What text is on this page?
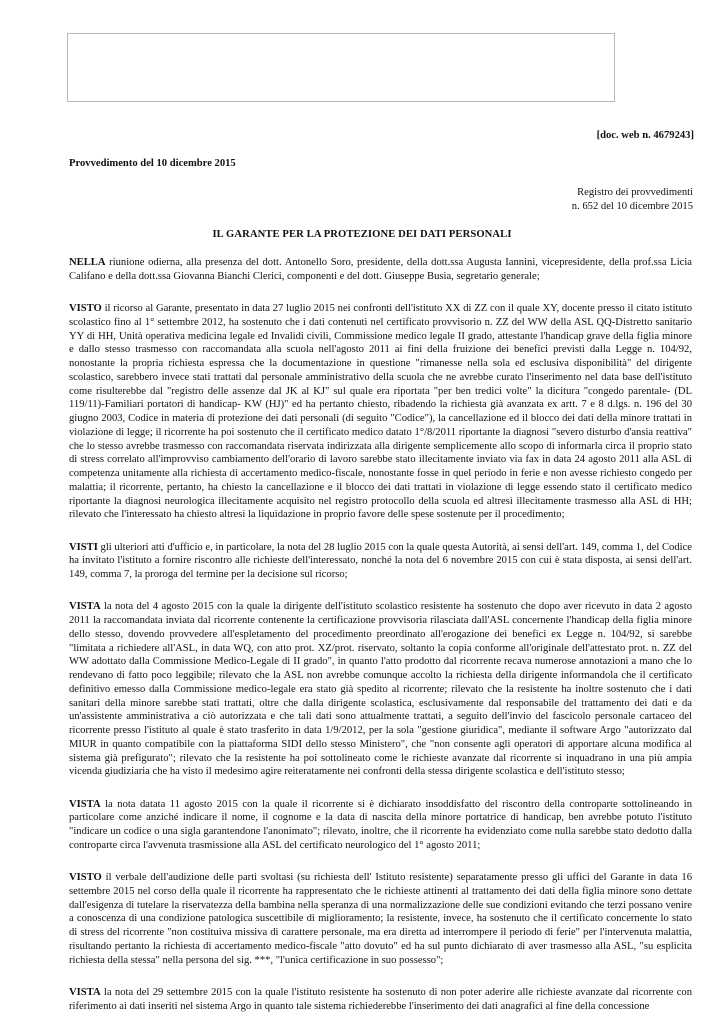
[doc. web n. 4679243]
Provvedimento del 10 dicembre 2015
Registro dei provvedimenti
n. 652 del 10 dicembre 2015
IL GARANTE PER LA PROTEZIONE DEI DATI PERSONALI

NELLA riunione odierna, alla presenza del dott. Antonello Soro, presidente, della dott.ssa Augusta Iannini, vicepresidente, della prof.ssa Licia Califano e della dott.ssa Giovanna Bianchi Clerici, componenti e del dott. Giuseppe Busia, segretario generale;

VISTO il ricorso al Garante, presentato in data 27 luglio 2015 nei confronti dell'istituto XX di ZZ con il quale XY, docente presso il citato istituto scolastico fino al 1° settembre 2012, ha sostenuto che i dati contenuti nel certificato provvisorio n. ZZ del WW della ASL QQ-Distretto sanitario YY di HH, Unità operativa medicina legale ed Invalidi civili, Commissione medico legale II grado, attestante l'handicap grave della figlia minore e dallo stesso trasmesso con raccomandata alla scuola nell'agosto 2011 ai fini della fruizione dei benefici previsti dalla Legge n. 104/92, nonostante la propria richiesta espressa che la documentazione in questione "rimanesse nella sola ed esclusiva disponibilità" del dirigente scolastico, sarebbero invece stati trattati dal personale amministrativo della scuola che ne avrebbe curato l'inserimento nel data base dell'istituto come risulterebbe dal "registro delle assenze dal JK al KJ" sul quale era riportata "per ben tredici volte" la dicitura "congedo parentale- (DL 119/11)-Familiari portatori di handicap- KW (HJ)" ed ha pertanto chiesto, ribadendo la richiesta già avanzata ex artt. 7 e 8 d.lgs. n. 196 del 30 giugno 2003, Codice in materia di protezione dei dati personali (di seguito "Codice"), la cancellazione ed il blocco dei dati della minore trattati in violazione di legge; il ricorrente ha poi sostenuto che il certificato medico datato 1°/8/2011 riportante la diagnosi "severo disturbo d'ansia reattiva" che lo stesso avrebbe trasmesso con raccomandata riservata indirizzata alla dirigente semplicemente allo scopo di informarla circa il proprio stato di stress correlato all'improvviso cambiamento dell'orario di lavoro sarebbe stato illecitamente inviato via fax in data 24 agosto 2011 alla ASL di competenza unitamente alla richiesta di accertamento medico-fiscale, nonostante fosse in quel periodo in ferie e non avesse richiesto congedo per malattia; il ricorrente, pertanto, ha chiesto la cancellazione e il blocco dei dati trattati in violazione di legge essendo stato il certificato medico riportante la diagnosi neurologica illecitamente acquisito nel registro protocollo della scuola ed altresì illecitamente trasmesso alla ASL di HH; rilevato che l'interessato ha chiesto altresì la liquidazione in proprio favore delle spese sostenute per il procedimento;

VISTI gli ulteriori atti d'ufficio e, in particolare, la nota del 28 luglio 2015 con la quale questa Autorità, ai sensi dell'art. 149, comma 1, del Codice ha invitato l'istituto a fornire riscontro alle richieste dell'interessato, nonché la nota del 6 novembre 2015 con cui è stata disposta, ai sensi dell'art. 149, comma 7, la proroga del termine per la decisione sul ricorso;

VISTA la nota del 4 agosto 2015 con la quale la dirigente dell'istituto scolastico resistente ha sostenuto che dopo aver ricevuto in data 2 agosto 2011 la raccomandata inviata dal ricorrente contenente la certificazione provvisoria rilasciata dall'ASL concernente l'handicap della figlia minore dello stesso, dovendo provvedere all'espletamento del procedimento preordinato all'erogazione dei benefici ex Legge n. 104/92, si sarebbe "limitata a richiedere all'ASL, in data WQ, con atto prot. XZ/prot. riservato, soltanto la copia conforme all'originale dell'attestato prot. n. ZZ del WW adottato dalla Commissione Medico-Legale di II grado", in quanto l'atto prodotto dal ricorrente recava numerose annotazioni a mano che lo rendevano di fatto poco leggibile; rilevato che la ASL non avrebbe comunque accolto la richiesta della dirigente informandola che il certificato definitivo emesso dalla Commissione medico-legale era stato già spedito al ricorrente; rilevato che la resistente ha inoltre sostenuto che i dati sanitari della minore sarebbe stati trattati, oltre che dalla dirigente scolastica, esclusivamente dal responsabile del trattamento dei dati e da un'assistente amministrativa a ciò autorizzata e che tali dati sono attualmente trattati, a seguito dell'invio del fascicolo personale cartaceo del ricorrente presso l'istituto al quale è stato trasferito in data 1/9/2012, per la sola "gestione giuridica", mediante il software Argo "autorizzato dal MIUR in quanto compatibile con la piattaforma SIDI dello stesso Ministero", che "non consente agli operatori di apportare alcuna modifica al sistema già prefigurato"; rilevato che la resistente ha poi sottolineato come le richieste avanzate dal ricorrente si inquadrano in una più ampia vicenda giudiziaria che ha visto il medesimo agire reiteratamente nei confronti della stessa dirigente scolastica e dell'istituto stesso;

VISTA la nota datata 11 agosto 2015 con la quale il ricorrente si è dichiarato insoddisfatto del riscontro della controparte sottolineando in particolare come anziché indicare il nome, il cognome e la data di nascita della minore portatrice di handicap, ben avrebbe potuto l'istituto "indicare un codice o una sigla garantendone l'anonimato"; rilevato, inoltre, che il ricorrente ha evidenziato come nulla sarebbe stato dedotto dalla controparte circa l'avvenuta trasmissione alla ASL del certificato neurologico del 1° agosto 2011;

VISTO il verbale dell'audizione delle parti svoltasi (su richiesta dell' Istituto resistente) separatamente presso gli uffici del Garante in data 16 settembre 2015 nel corso della quale il ricorrente ha rappresentato che le richieste attinenti al trattamento dei dati della figlia minore sono dettate dall'esigenza di tutelare la riservatezza della bambina nella speranza di una normalizzazione delle sue condizioni evitando che terzi possano venire a conoscenza di una condizione patologica suscettibile di miglioramento; la resistente, invece, ha sostenuto che il certificato concernente lo stato di stress del ricorrente "non costituiva missiva di carattere personale, ma era diretta ad interrompere il periodo di ferie" per l'intervenuta malattia, risultando pertanto la richiesta di accertamento medico-fiscale "atto dovuto" ed ha sul punto dichiarato di aver trasmesso alla ASL, "su esplicita richiesta della stessa" nella persona del sig. ***, "l'unica certificazione in suo possesso";

VISTA la nota del 29 settembre 2015 con la quale l'istituto resistente ha sostenuto di non poter aderire alle richieste avanzate dal ricorrente con riferimento ai dati inseriti nel sistema Argo in quanto tale sistema richiederebbe l'inserimento dei dati anagrafici al fine della concessione
